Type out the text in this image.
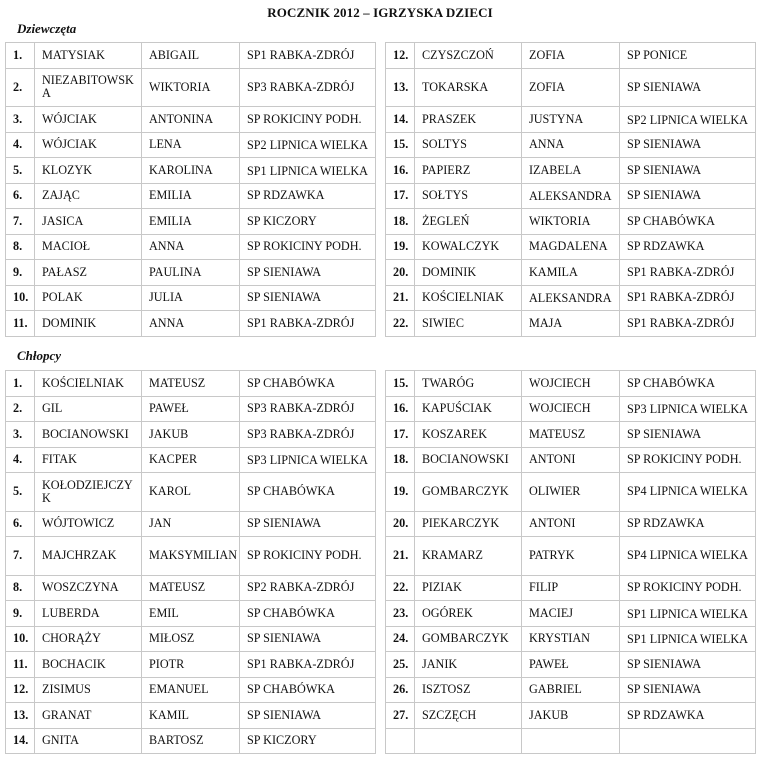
ROCZNIK 2012 – IGRZYSKA DZIECI
Dziewczęta
1.	MATYSIAK	ABIGAIL	SP1 RABKA-ZDRÓJ
2.	NIEZABITOWSKA	WIKTORIA	SP3 RABKA-ZDRÓJ
3.	WÓJCIAK	ANTONINA	SP ROKICINY PODH.
4.	WÓJCIAK	LENA	SP2 LIPNICA WIELKA

5.	KLOZYK	KAROLINA	SP1 LIPNICA WIELKA

6.	ZAJĄC	EMILIA	SP RDZAWKA
7.	JASICA	EMILIA	SP KICZORY
8.	MACIOŁ	ANNA	SP ROKICINY PODH.
9.	PAŁASZ	PAULINA	SP SIENIAWA
10.	POLAK	JULIA	SP SIENIAWA
11.	DOMINIK	ANNA	SP1 RABKA-ZDRÓJ
12.	CZYSZCZOŃ	ZOFIA	SP PONICE
13.	TOKARSKA	ZOFIA	SP SIENIAWA
14.	PRASZEK	JUSTYNA	SP2 LIPNICA WIELKA

15.	SOLTYS	ANNA	SP SIENIAWA
16.	PAPIERZ	IZABELA	SP SIENIAWA
17.	SOŁTYS	ALEKSANDRA	SP SIENIAWA
18.	ŻEGLEŃ	WIKTORIA	SP CHABÓWKA
19.	KOWALCZYK	MAGDALENA	SP RDZAWKA
20.	DOMINIK	KAMILA	SP1 RABKA-ZDRÓJ
21.	KOŚCIELNIAK	ALEKSANDRA	SP1 RABKA-ZDRÓJ
22.	SIWIEC	MAJA	SP1 RABKA-ZDRÓJ
Chłopcy
1.	KOŚCIELNIAK	MATEUSZ	SP CHABÓWKA
2.	GIL	PAWEŁ	SP3 RABKA-ZDRÓJ
3.	BOCIANOWSKI	JAKUB	SP3 RABKA-ZDRÓJ
4.	FITAK	KACPER	SP3 LIPNICA WIELKA

5.	KOŁODZIEJCZYK	KAROL	SP CHABÓWKA
6.	WÓJTOWICZ	JAN	SP SIENIAWA
7.	MAJCHRZAK	MAKSYMILIAN	SP ROKICINY PODH.
8.	WOSZCZYNA	MATEUSZ	SP2 RABKA-ZDRÓJ
9.	LUBERDA	EMIL	SP CHABÓWKA
10.	CHORĄŻY	MIŁOSZ	SP SIENIAWA
11.	BOCHACIK	PIOTR	SP1 RABKA-ZDRÓJ
12.	ZISIMUS	EMANUEL	SP CHABÓWKA
13.	GRANAT	KAMIL	SP SIENIAWA
14.	GNITA	BARTOSZ	SP KICZORY
15.	TWARÓG	WOJCIECH	SP CHABÓWKA
16.	KAPUŚCIAK	WOJCIECH	SP3 LIPNICA WIELKA

17.	KOSZAREK	MATEUSZ	SP SIENIAWA
18.	BOCIANOWSKI	ANTONI	SP ROKICINY PODH.
19.	GOMBARCZYK	OLIWIER	SP4 LIPNICA WIELKA
20.	PIEKARCZYK	ANTONI	SP RDZAWKA
21.	KRAMARZ	PATRYK	SP4 LIPNICA WIELKA
22.	PIZIAK	FILIP	SP ROKICINY PODH.
23.	OGÓREK	MACIEJ	SP1 LIPNICA WIELKA

24.	GOMBARCZYK	KRYSTIAN	SP1 LIPNICA WIELKA

25.	JANIK	PAWEŁ	SP SIENIAWA
26.	ISZTOSZ	GABRIEL	SP SIENIAWA
27.	SZCZĘCH	JAKUB	SP RDZAWKA
